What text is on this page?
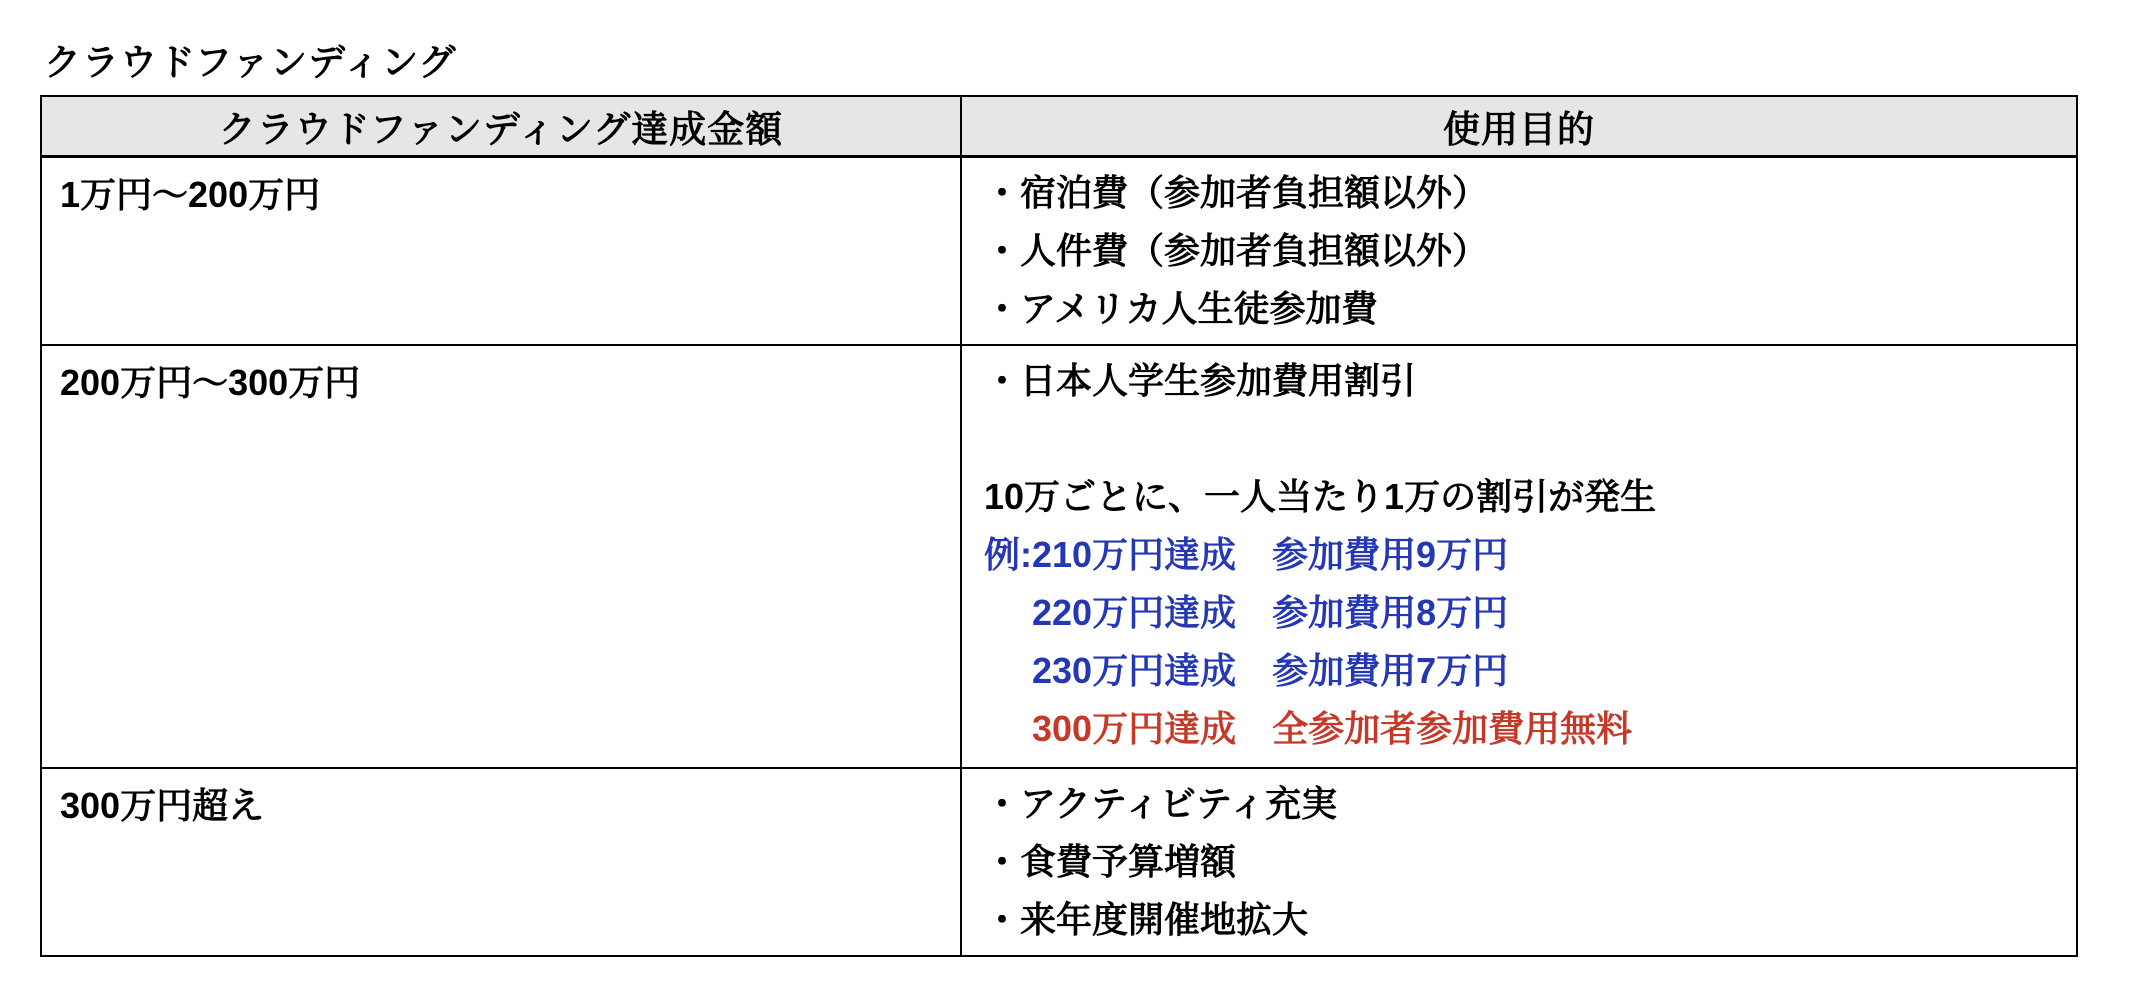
クラウドファンディング
クラウドファンディング達成金額	使用目的

1万円～200万円	・宿泊費（参加者負担額以外）
・人件費（参加者負担額以外）
・アメリカ人生徒参加費

200万円～300万円	・日本人学生参加費用割引
10万ごとに、一人当たり1万の割引が発生
例:210万円達成　参加費用9万円
220万円達成　参加費用8万円
230万円達成　参加費用7万円
300万円達成　全参加者参加費用無料

300万円超え	・アクティビティ充実
・食費予算増額
・来年度開催地拡大
